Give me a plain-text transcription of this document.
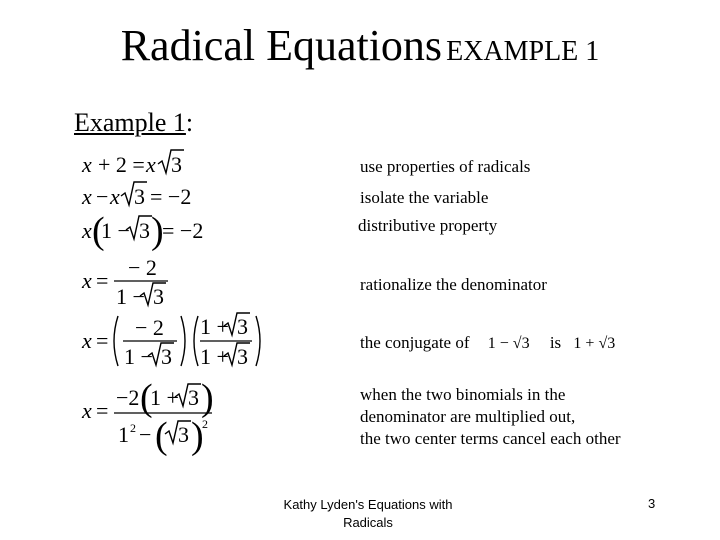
Radical Equations EXAMPLE 1
Example 1:
x + 2 = x 3
x − x 3 = −2
x (
1 − 3 )
= −2
x =
− 2
1 − 3
x =
− 2
1 − 3
1 + 3
1 + 3
x =
−2 (
1 + 3 )
1 2 − ( 3 )
2
use properties of radicals
isolate the variable
distributive property
rationalize the denominator
the conjugate of 1 − √3 is 1 + √3
when the two binomials in the
denominator are multiplied out,
the two center terms cancel each other
Kathy Lyden's Equations with
Radicals
3
